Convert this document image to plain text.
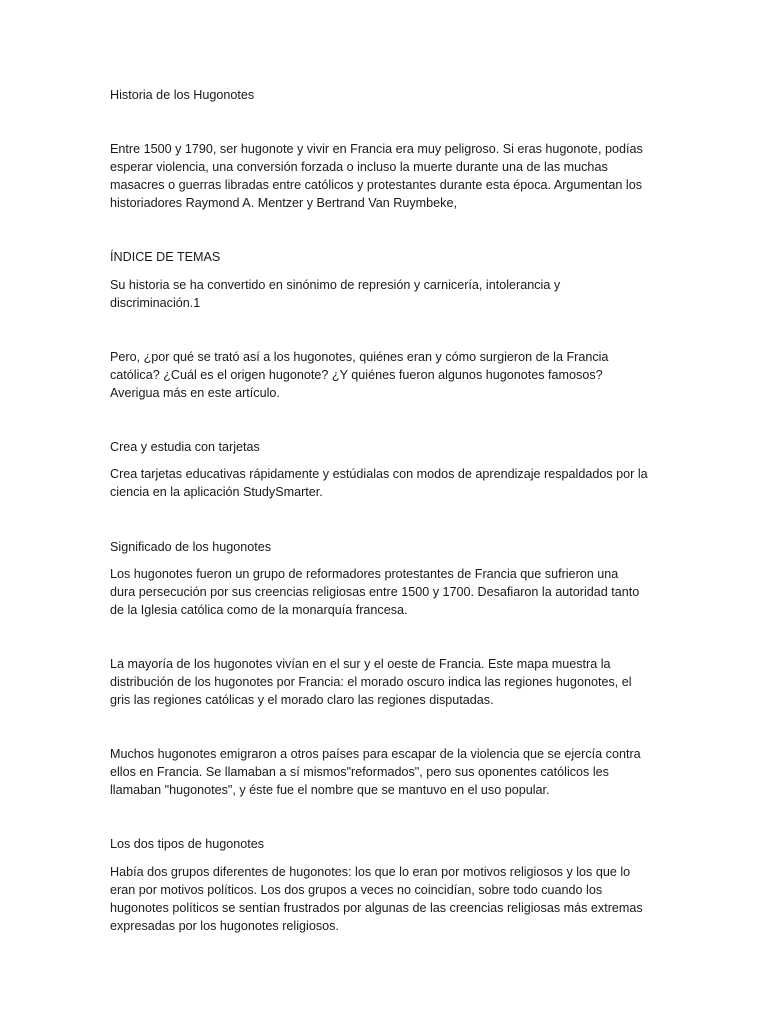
Historia de los Hugonotes

Entre 1500 y 1790, ser hugonote y vivir en Francia era muy peligroso. Si eras hugonote, podías

esperar violencia, una conversión forzada o incluso la muerte durante una de las muchas

masacres o guerras libradas entre católicos y protestantes durante esta época. Argumentan los

historiadores Raymond A. Mentzer y Bertrand Van Ruymbeke,

ÍNDICE DE TEMAS

Su historia se ha convertido en sinónimo de represión y carnicería, intolerancia y

discriminación.1

Pero, ¿por qué se trató así a los hugonotes, quiénes eran y cómo surgieron de la Francia

católica? ¿Cuál es el origen hugonote? ¿Y quiénes fueron algunos hugonotes famosos?

Averigua más en este artículo.

Crea y estudia con tarjetas

Crea tarjetas educativas rápidamente y estúdialas con modos de aprendizaje respaldados por la

ciencia en la aplicación StudySmarter.

Significado de los hugonotes

Los hugonotes fueron un grupo de reformadores protestantes de Francia que sufrieron una

dura persecución por sus creencias religiosas entre 1500 y 1700. Desafiaron la autoridad tanto

de la Iglesia católica como de la monarquía francesa.

La mayoría de los hugonotes vivían en el sur y el oeste de Francia. Este mapa muestra la

distribución de los hugonotes por Francia: el morado oscuro indica las regiones hugonotes, el

gris las regiones católicas y el morado claro las regiones disputadas.

Muchos hugonotes emigraron a otros países para escapar de la violencia que se ejercía contra

ellos en Francia. Se llamaban a sí mismos"reformados", pero sus oponentes católicos les

llamaban "hugonotes", y éste fue el nombre que se mantuvo en el uso popular.

Los dos tipos de hugonotes

Había dos grupos diferentes de hugonotes: los que lo eran por motivos religiosos y los que lo

eran por motivos políticos. Los dos grupos a veces no coincidían, sobre todo cuando los

hugonotes políticos se sentían frustrados por algunas de las creencias religiosas más extremas

expresadas por los hugonotes religiosos.
